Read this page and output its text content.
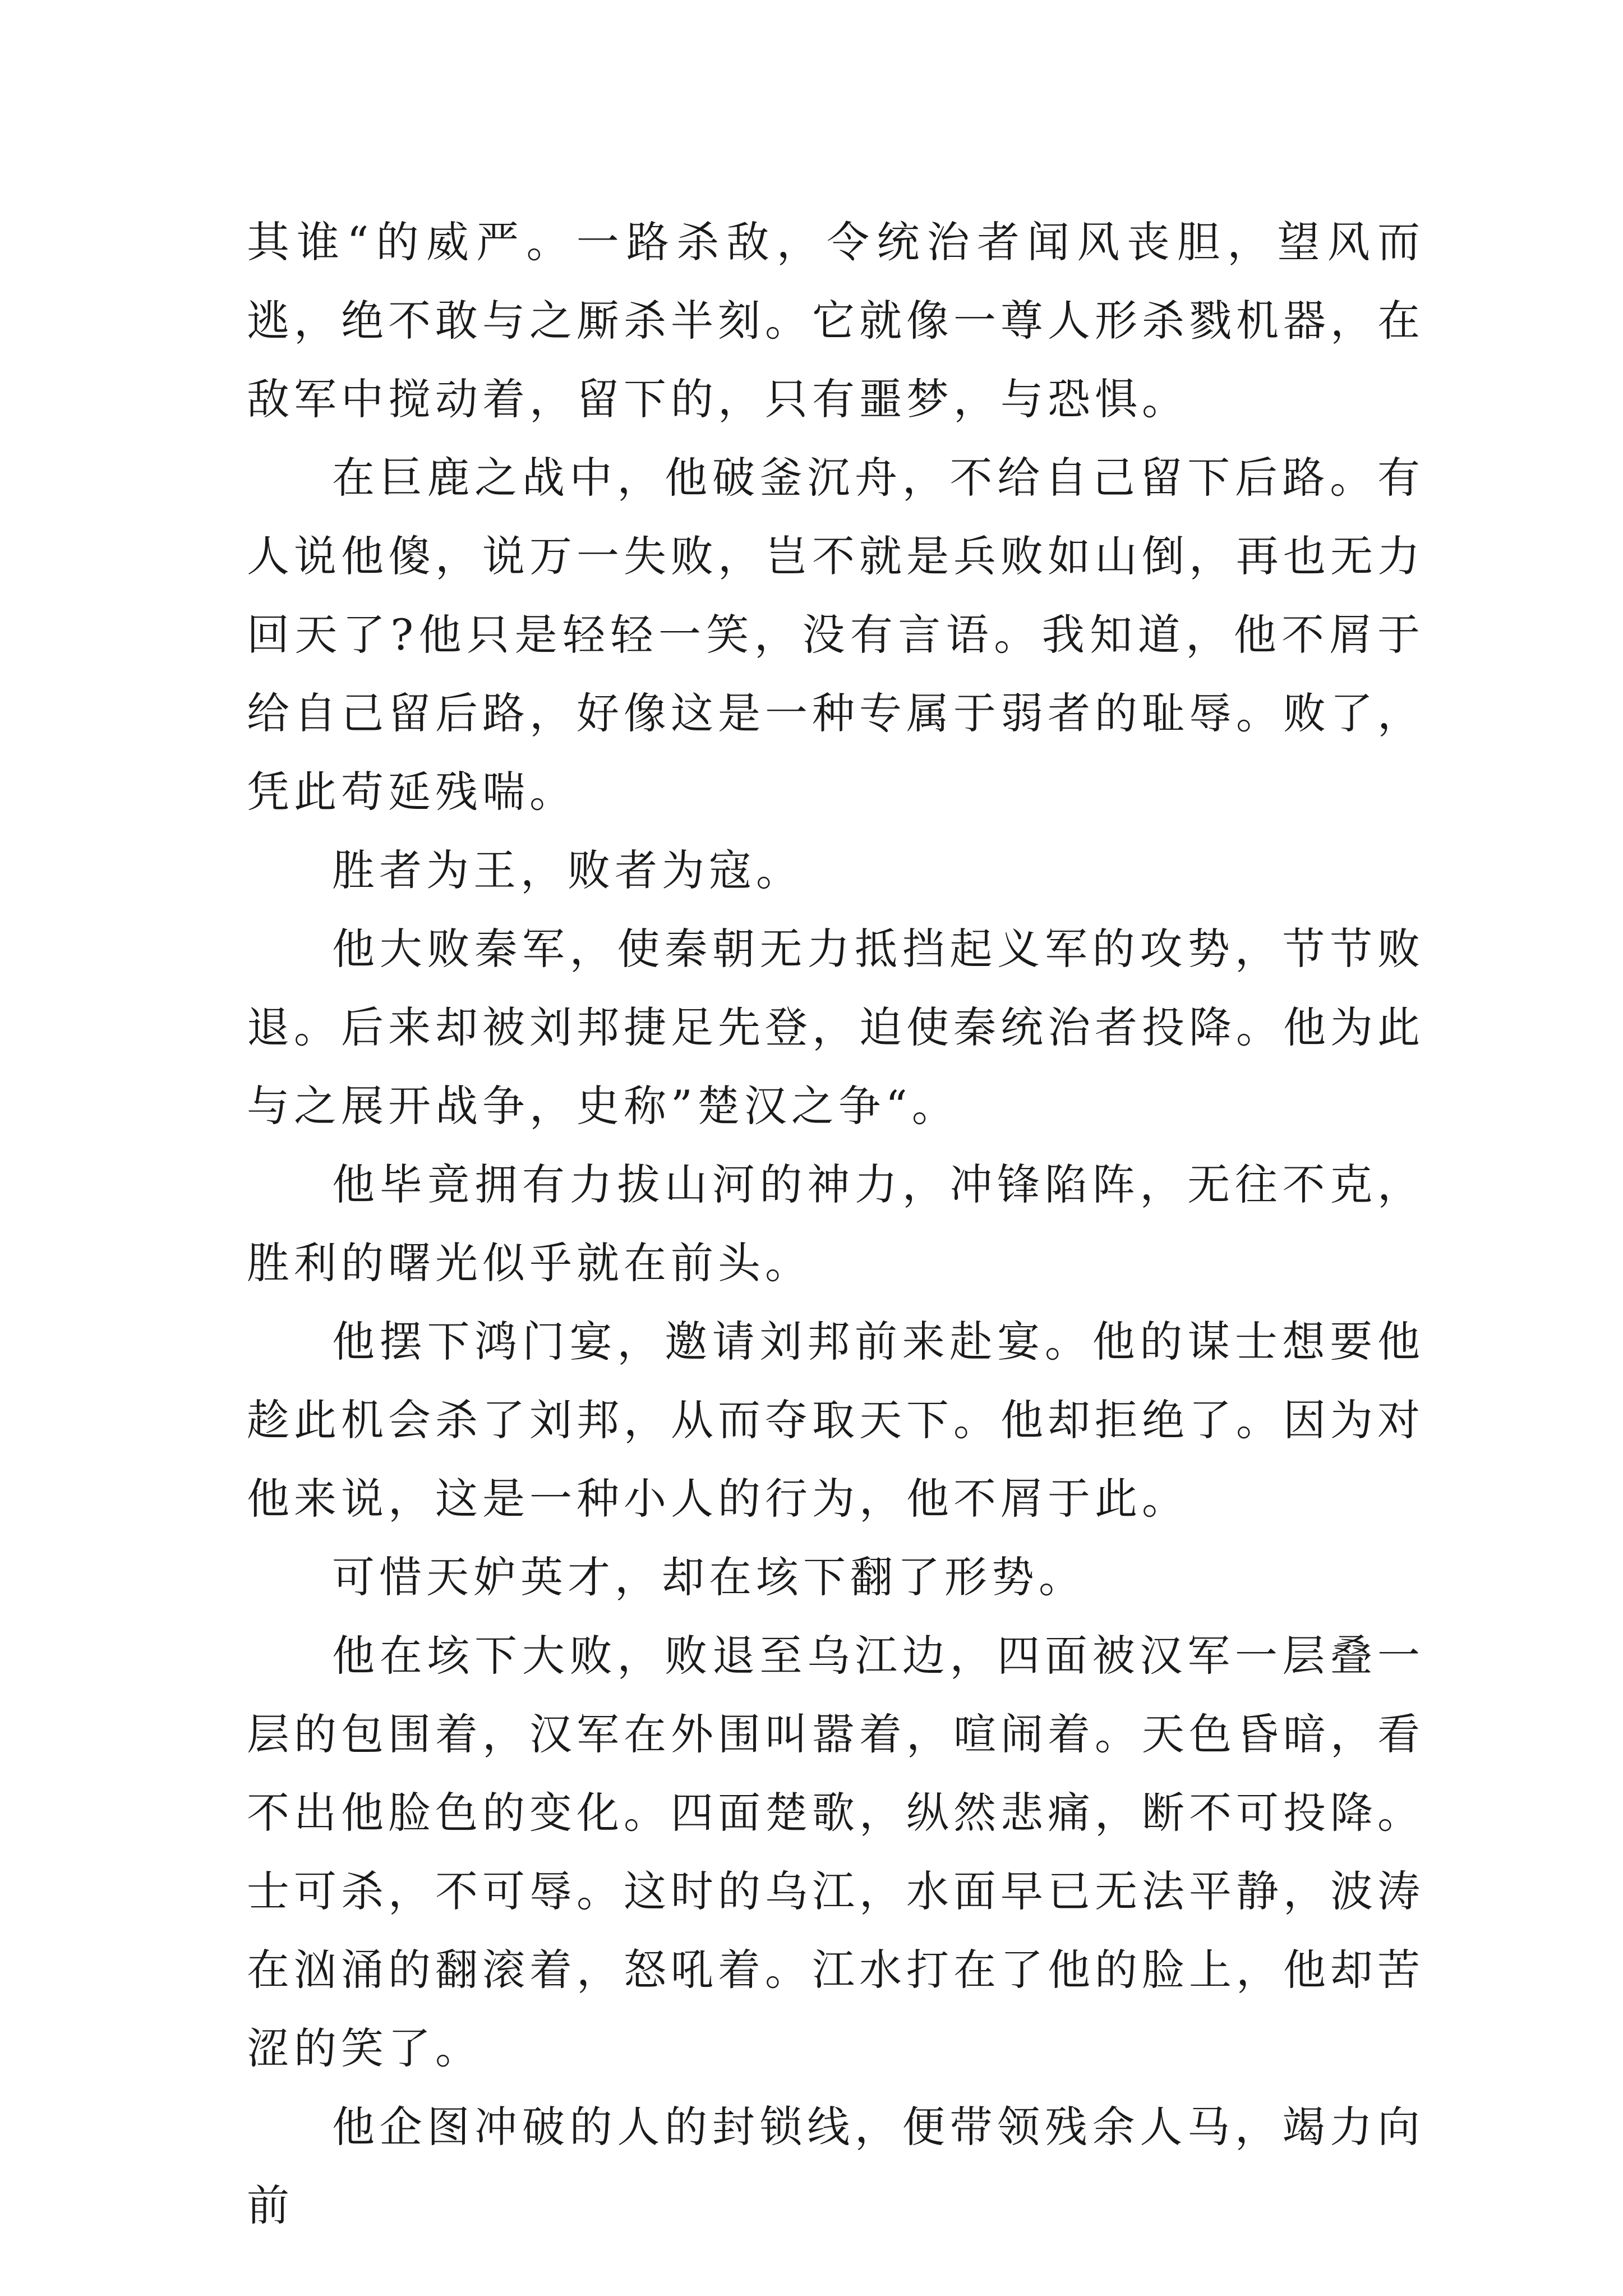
其谁“的威严。一路杀敌，令统治者闻风丧胆，望风而逃，绝不敢与之厮杀半刻。它就像一尊人形杀戮机器，在敌军中搅动着，留下的，只有噩梦，与恐惧。

在巨鹿之战中，他破釜沉舟，不给自己留下后路。有人说他傻，说万一失败，岂不就是兵败如山倒，再也无力回天了?他只是轻轻一笑，没有言语。我知道，他不屑于给自己留后路，好像这是一种专属于弱者的耻辱。败了，凭此苟延残喘。

胜者为王，败者为寇。

他大败秦军，使秦朝无力抵挡起义军的攻势，节节败退。后来却被刘邦捷足先登，迫使秦统治者投降。他为此与之展开战争，史称”楚汉之争“。

他毕竟拥有力拔山河的神力，冲锋陷阵，无往不克，胜利的曙光似乎就在前头。

他摆下鸿门宴，邀请刘邦前来赴宴。他的谋士想要他趁此机会杀了刘邦，从而夺取天下。他却拒绝了。因为对他来说，这是一种小人的行为，他不屑于此。

可惜天妒英才，却在垓下翻了形势。

他在垓下大败，败退至乌江边，四面被汉军一层叠一层的包围着，汉军在外围叫嚣着，喧闹着。天色昏暗，看不出他脸色的变化。四面楚歌，纵然悲痛，断不可投降。士可杀，不可辱。这时的乌江，水面早已无法平静，波涛在汹涌的翻滚着，怒吼着。江水打在了他的脸上，他却苦涩的笑了。

他企图冲破的人的封锁线，便带领残余人马，竭力向前
